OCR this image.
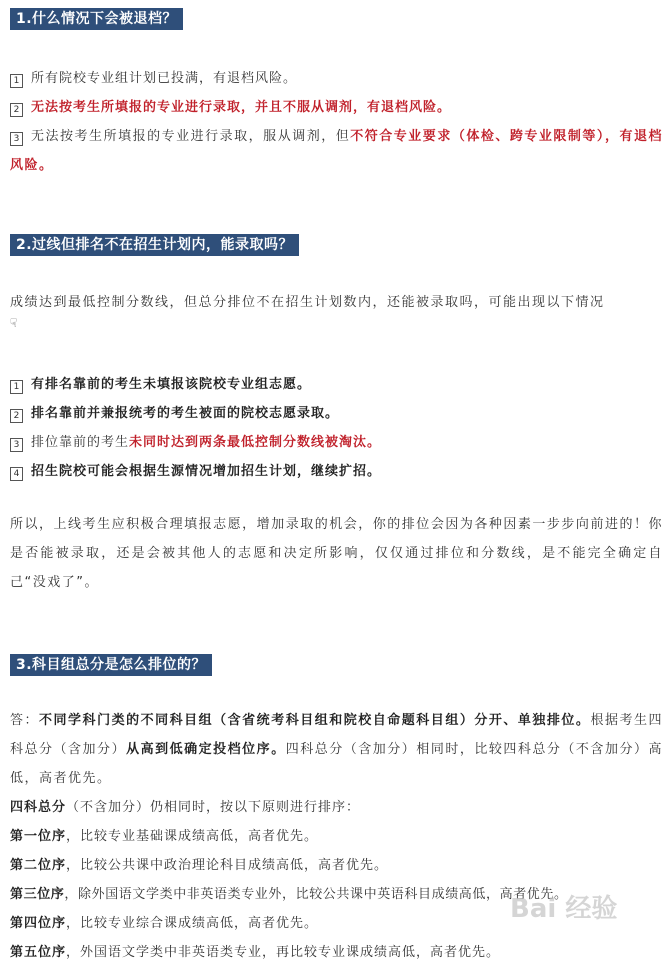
1.什么情况下会被退档？

1 所有院校专业组计划已投满，有退档风险。

2 无法按考生所填报的专业进行录取，并且不服从调剂，有退档风险。

3 无法按考生所填报的专业进行录取，服从调剂，但不符合专业要求（体检、跨专业限制等），有退档风险。

2.过线但排名不在招生计划内，能录取吗？

成绩达到最低控制分数线，但总分排位不在招生计划数内，还能被录取吗，可能出现以下情况

☟

1 有排名靠前的考生未填报该院校专业组志愿。

2 排名靠前并兼报统考的考生被面的院校志愿录取。

3 排位靠前的考生未同时达到两条最低控制分数线被淘汰。

4 招生院校可能会根据生源情况增加招生计划，继续扩招。

所以，上线考生应积极合理填报志愿，增加录取的机会，你的排位会因为各种因素一步步向前进的！你是否能被录取，还是会被其他人的志愿和决定所影响，仅仅通过排位和分数线，是不能完全确定自己“没戏了”。

3.科目组总分是怎么排位的？

答：不同学科门类的不同科目组（含省统考科目组和院校自命题科目组）分开、单独排位。根据考生四科总分（含加分）从高到低确定投档位序。四科总分（含加分）相同时，比较四科总分（不含加分）高低，高者优先。

四科总分（不含加分）仍相同时，按以下原则进行排序：

第一位序，比较专业基础课成绩高低，高者优先。

第二位序，比较公共课中政治理论科目成绩高低，高者优先。

第三位序，除外国语文学类中非英语类专业外，比较公共课中英语科目成绩高低，高者优先。

第四位序，比较专业综合课成绩高低，高者优先。

第五位序，外国语文学类中非英语类专业，再比较专业课成绩高低，高者优先。

Bai 经验
